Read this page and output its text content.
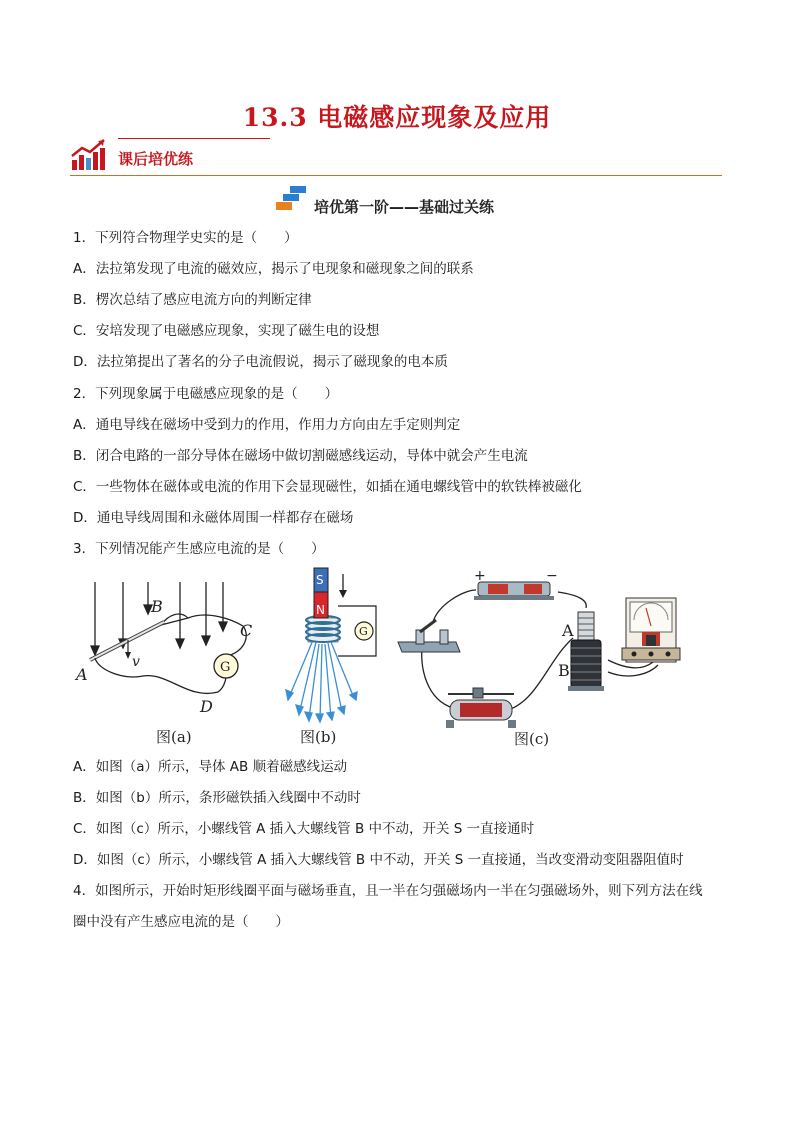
13.3 电磁感应现象及应用
课后培优练
培优第一阶——基础过关练
1．下列符合物理学史实的是（　　）
A．法拉第发现了电流的磁效应，揭示了电现象和磁现象之间的联系
B．楞次总结了感应电流方向的判断定律
C．安培发现了电磁感应现象，实现了磁生电的设想
D．法拉第提出了著名的分子电流假说，揭示了磁现象的电本质
2．下列现象属于电磁感应现象的是（　　）
A．通电导线在磁场中受到力的作用，作用力方向由左手定则判定
B．闭合电路的一部分导体在磁场中做切割磁感线运动，导体中就会产生电流
C．一些物体在磁体或电流的作用下会显现磁性，如插在通电螺线管中的软铁棒被磁化
D．通电导线周围和永磁体周围一样都存在磁场
3．下列情况能产生感应电流的是（　　）
G
A
B
C
D
v
图(a)
S
N
G
图(b)
+	−
A
B
图(c)
A．如图（a）所示，导体 AB 顺着磁感线运动
B．如图（b）所示，条形磁铁插入线圈中不动时
C．如图（c）所示，小螺线管 A 插入大螺线管 B 中不动，开关 S 一直接通时
D．如图（c）所示，小螺线管 A 插入大螺线管 B 中不动，开关 S 一直接通，当改变滑动变阻器阻值时
4．如图所示，开始时矩形线圈平面与磁场垂直，且一半在匀强磁场内一半在匀强磁场外，则下列方法在线
圈中没有产生感应电流的是（　　）
